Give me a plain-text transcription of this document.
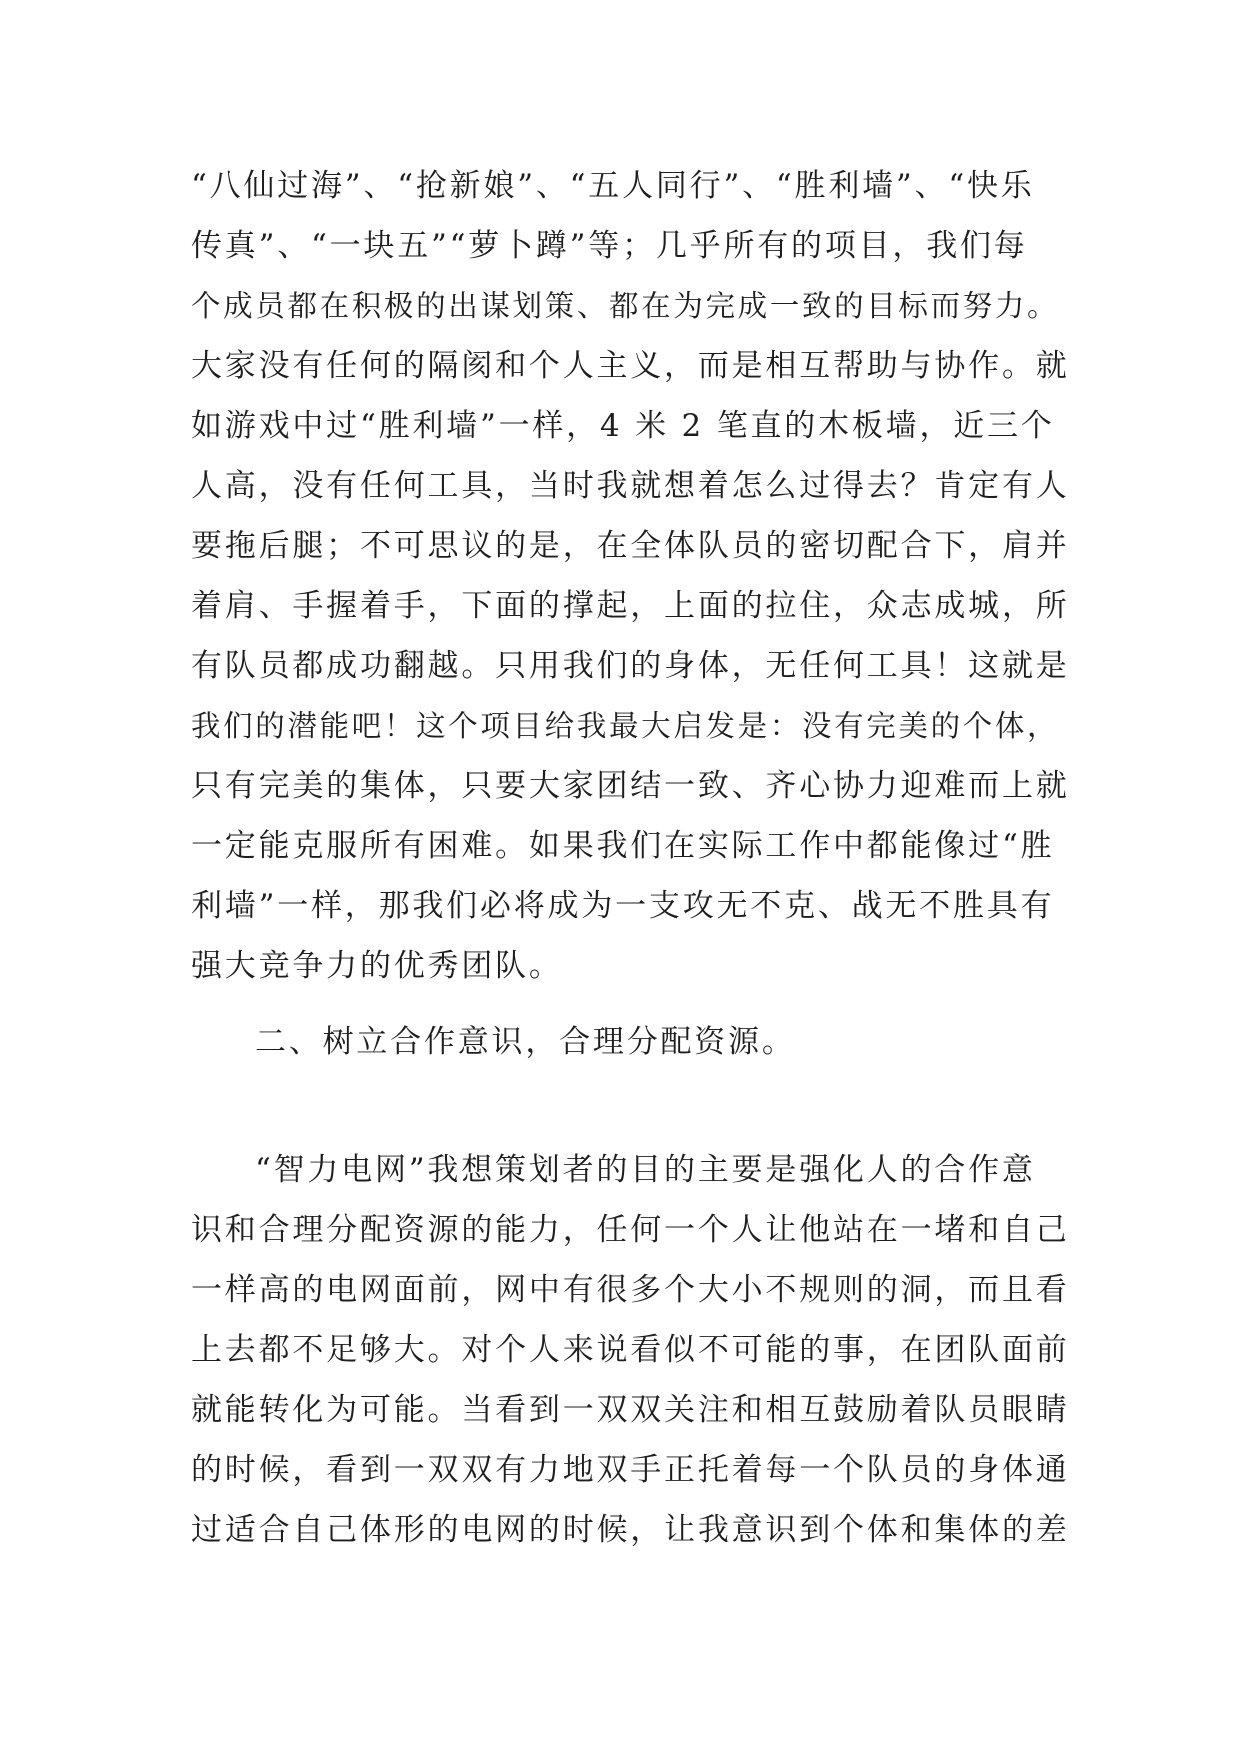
“八仙过海”、“抢新娘”、“五人同行”、“胜利墙”、“快乐
传真”、“一块五”“萝卜蹲”等；几乎所有的项目，我们每
个成员都在积极的出谋划策、都在为完成一致的目标而努力。
大家没有任何的隔阂和个人主义，而是相互帮助与协作。就
如游戏中过“胜利墙”一样，4 米 2 笔直的木板墙，近三个
人高，没有任何工具，当时我就想着怎么过得去？肯定有人
要拖后腿；不可思议的是，在全体队员的密切配合下，肩并
着肩、手握着手，下面的撑起，上面的拉住，众志成城，所
有队员都成功翻越。只用我们的身体，无任何工具！这就是
我们的潜能吧！这个项目给我最大启发是：没有完美的个体，
只有完美的集体，只要大家团结一致、齐心协力迎难而上就
一定能克服所有困难。如果我们在实际工作中都能像过“胜
利墙”一样，那我们必将成为一支攻无不克、战无不胜具有
强大竞争力的优秀团队。
二、树立合作意识，合理分配资源。
“智力电网”我想策划者的目的主要是强化人的合作意
识和合理分配资源的能力，任何一个人让他站在一堵和自己
一样高的电网面前，网中有很多个大小不规则的洞，而且看
上去都不足够大。对个人来说看似不可能的事，在团队面前
就能转化为可能。当看到一双双关注和相互鼓励着队员眼睛
的时候，看到一双双有力地双手正托着每一个队员的身体通
过适合自己体形的电网的时候，让我意识到个体和集体的差
